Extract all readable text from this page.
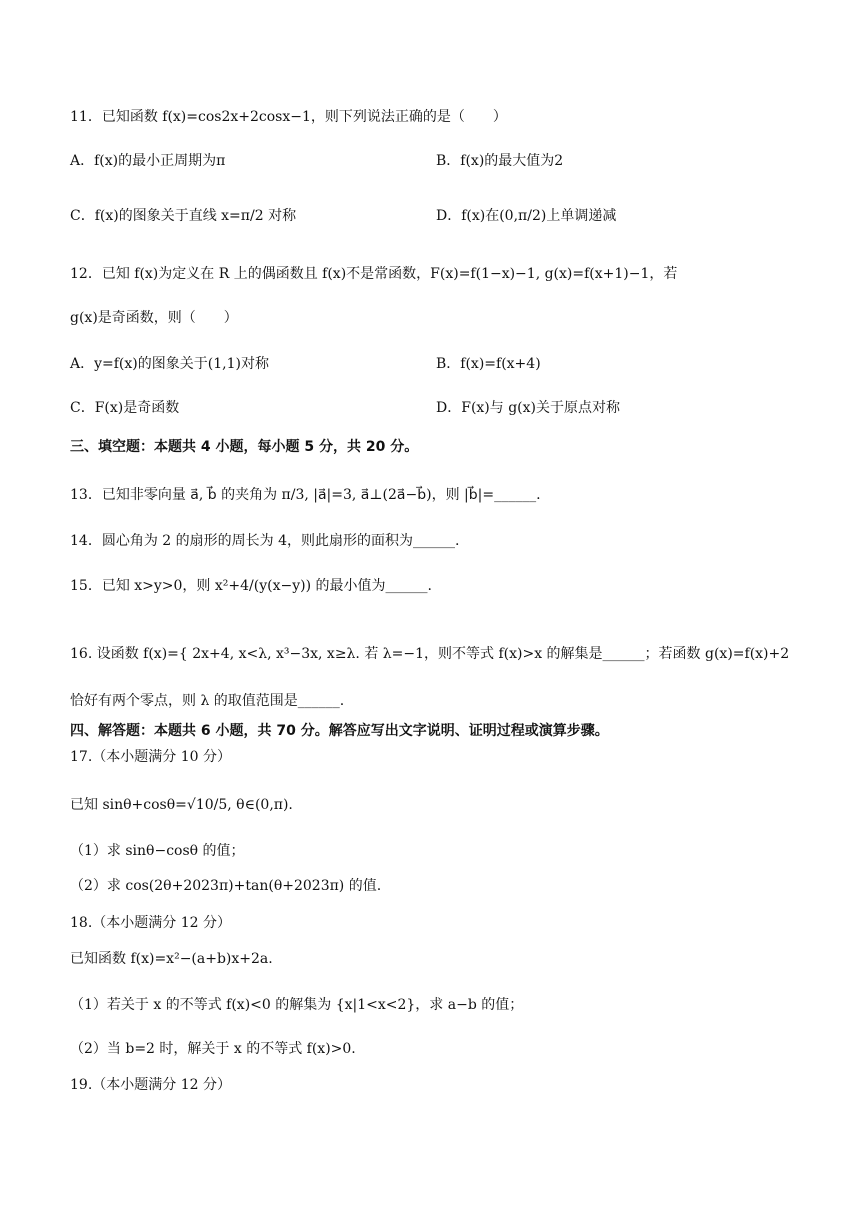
11．已知函数 f(x)=cos2x+2cosx−1，则下列说法正确的是（　　）
A．f(x)的最小正周期为π	B．f(x)的最大值为2
C．f(x)的图象关于直线 x=π/2 对称	D．f(x)在(0,π/2)上单调递减
12．已知 f(x)为定义在 R 上的偶函数且 f(x)不是常函数，F(x)=f(1−x)−1, g(x)=f(x+1)−1，若
g(x)是奇函数，则（　　）
A．y=f(x)的图象关于(1,1)对称	B．f(x)=f(x+4)
C．F(x)是奇函数	D．F(x)与 g(x)关于原点对称
三、填空题：本题共 4 小题，每小题 5 分，共 20 分。
13．已知非零向量 a⃗, b⃗ 的夹角为 π/3, |a⃗|=3, a⃗⊥(2a⃗−b⃗)，则 |b⃗|=______.
14．圆心角为 2 的扇形的周长为 4，则此扇形的面积为______.
15．已知 x>y>0，则 x²+4/(y(x−y)) 的最小值为______.
16. 设函数 f(x)={ 2x+4, x<λ, x³−3x, x≥λ. 若 λ=−1，则不等式 f(x)>x 的解集是______；若函数 g(x)=f(x)+2
恰好有两个零点，则 λ 的取值范围是______.
四、解答题：本题共 6 小题，共 70 分。解答应写出文字说明、证明过程或演算步骤。
17.（本小题满分 10 分）
已知 sinθ+cosθ=√10/5, θ∈(0,π).
（1）求 sinθ−cosθ 的值；
（2）求 cos(2θ+2023π)+tan(θ+2023π) 的值.
18.（本小题满分 12 分）
已知函数 f(x)=x²−(a+b)x+2a.
（1）若关于 x 的不等式 f(x)<0 的解集为 {x|1<x<2}，求 a−b 的值；
（2）当 b=2 时，解关于 x 的不等式 f(x)>0.
19.（本小题满分 12 分）
